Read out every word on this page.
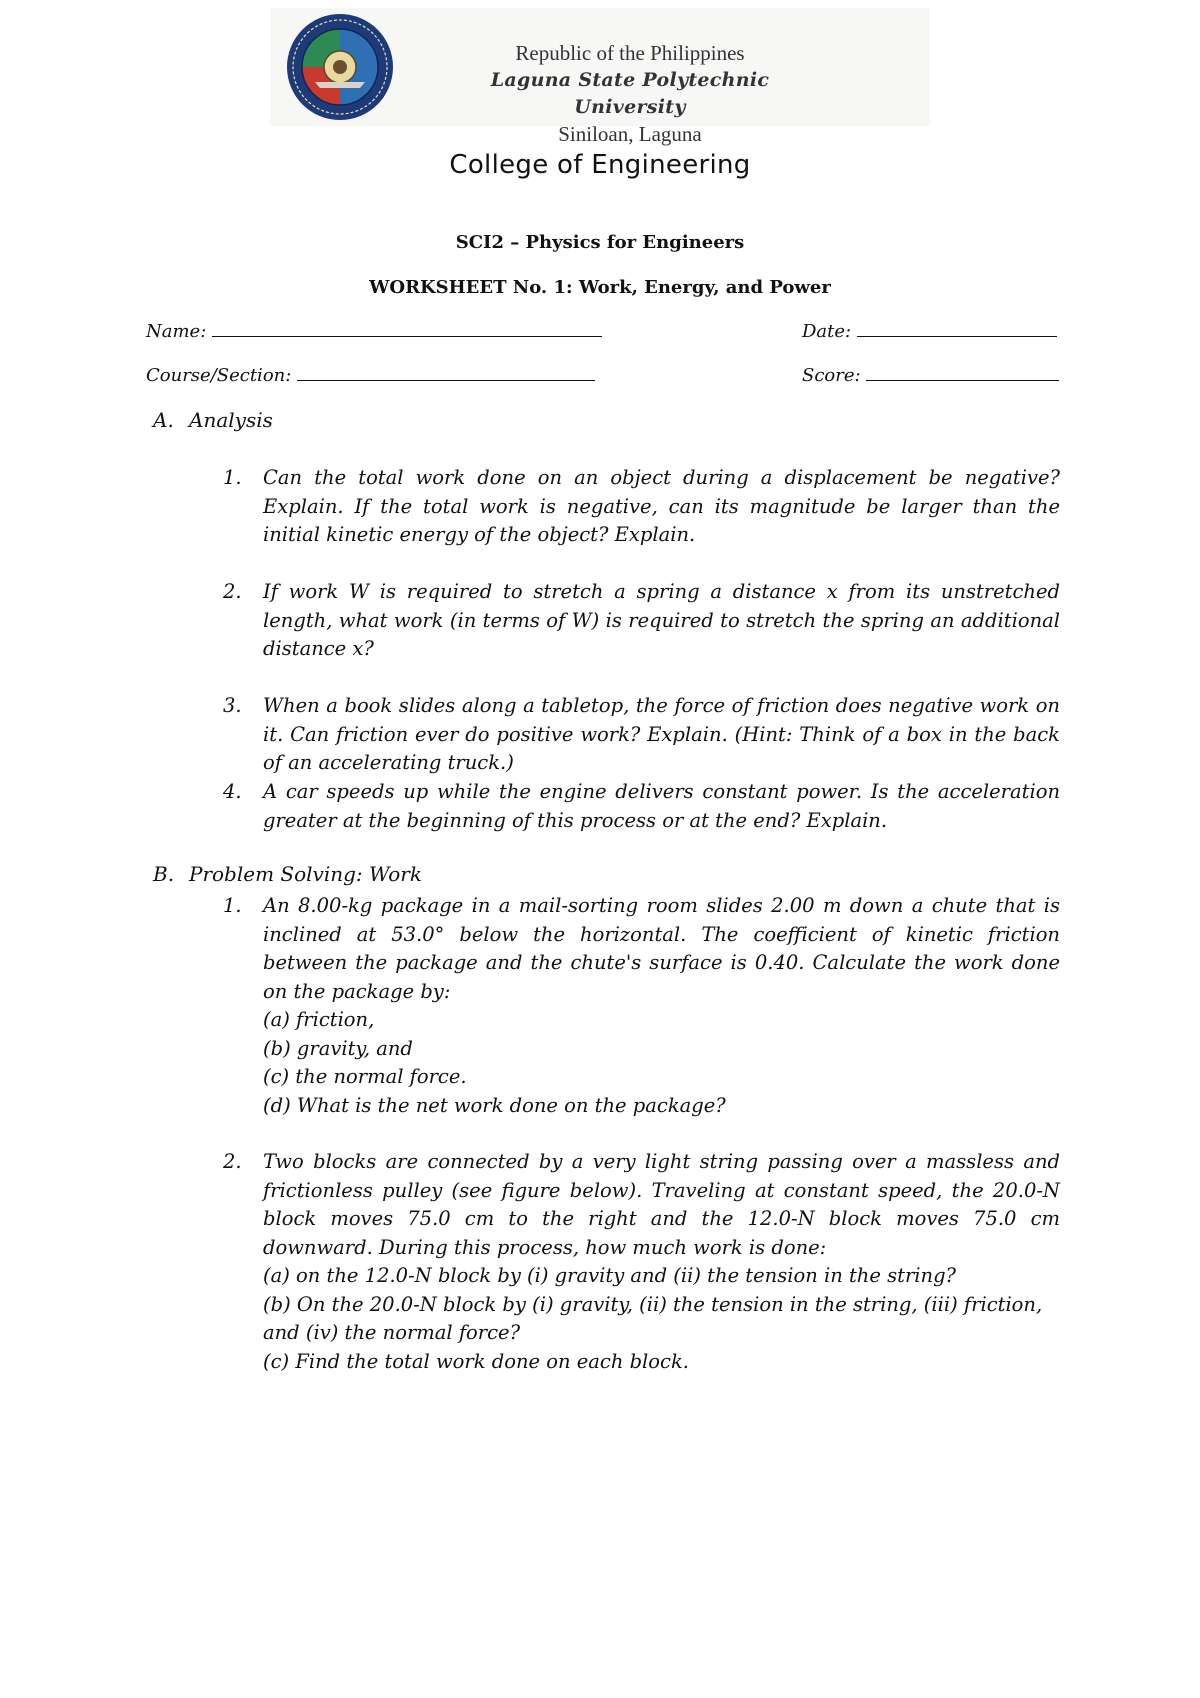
Republic of the Philippines
Laguna State Polytechnic University
Siniloan, Laguna
College of Engineering
SCI2 – Physics for Engineers
WORKSHEET No. 1: Work, Energy, and Power
Name:	Date:
Course/Section:	Score:
A. Analysis
1.	Can the total work done on an object during a displacement be negative? Explain. If the total work is negative, can its magnitude be larger than the initial kinetic energy of the object? Explain.
2.	If work W is required to stretch a spring a distance x from its unstretched length, what work (in terms of W) is required to stretch the spring an additional distance x?
3.	When a book slides along a tabletop, the force of friction does negative work on it. Can friction ever do positive work? Explain. (Hint: Think of a box in the back of an accelerating truck.)
4.	A car speeds up while the engine delivers constant power. Is the acceleration greater at the beginning of this process or at the end? Explain.
B. Problem Solving: Work
1.	An 8.00-kg package in a mail-sorting room slides 2.00 m down a chute that is inclined at 53.0° below the horizontal. The coefficient of kinetic friction between the package and the chute's surface is 0.40. Calculate the work done on the package by:
(a) friction,
(b) gravity, and
(c) the normal force.
(d) What is the net work done on the package?
2.	Two blocks are connected by a very light string passing over a massless and frictionless pulley (see figure below). Traveling at constant speed, the 20.0-N block moves 75.0 cm to the right and the 12.0-N block moves 75.0 cm downward. During this process, how much work is done:
(a) on the 12.0-N block by (i) gravity and (ii) the tension in the string?
(b) On the 20.0-N block by (i) gravity, (ii) the tension in the string, (iii) friction, and (iv) the normal force?
(c) Find the total work done on each block.
